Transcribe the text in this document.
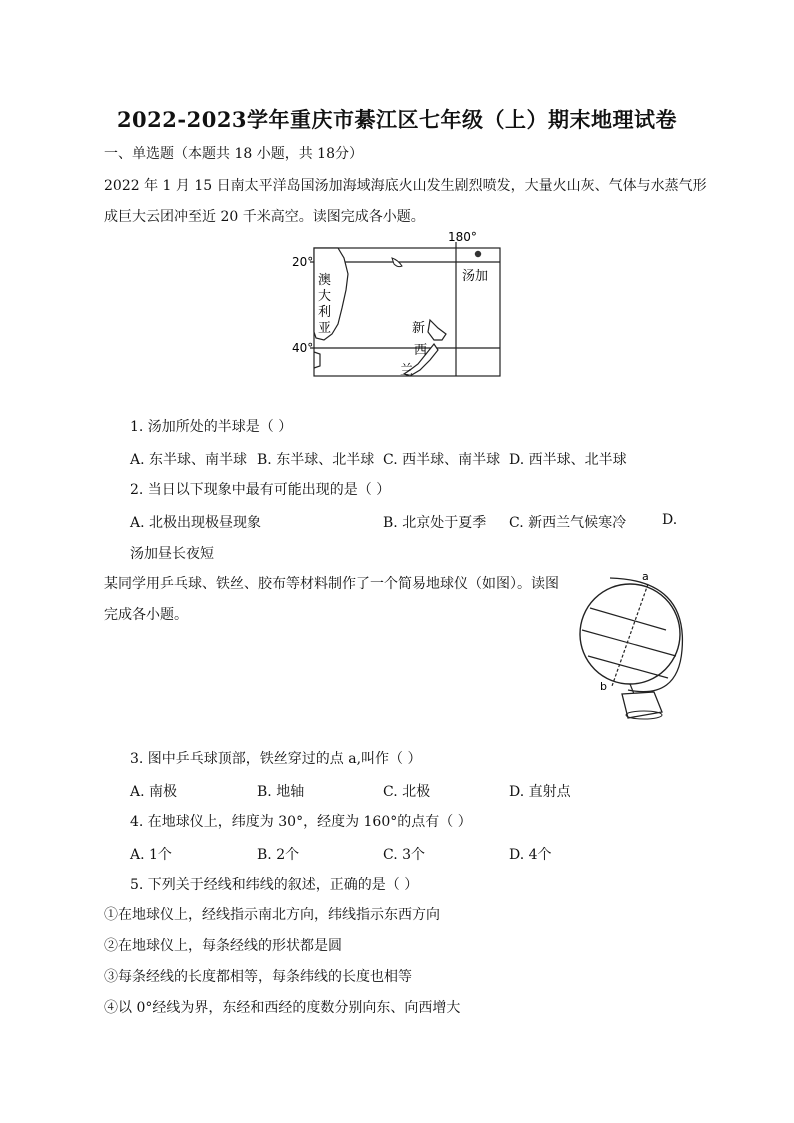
2022-2023学年重庆市綦江区七年级（上）期末地理试卷
一、单选题（本题共 18 小题，共 18分）
2022 年 1 月 15 日南太平洋岛国汤加海域海底火山发生剧烈喷发，大量火山灰、气体与水蒸气形
成巨大云团冲至近 20 千米高空。读图完成各小题。
180°
20°
40°
汤加
澳
大
利
亚	新
西
兰
1. 汤加所处的半球是（ ）
A. 东半球、南半球 B. 东半球、北半球 C. 西半球、南半球 D. 西半球、北半球
2. 当日以下现象中最有可能出现的是（ ）
A. 北极出现极昼现象	B. 北京处于夏季 C. 新西兰气候寒冷	D.
汤加昼长夜短
某同学用乒乓球、铁丝、胶布等材料制作了一个简易地球仪（如图）。读图
完成各小题。
a
b
3. 图中乒乓球顶部，铁丝穿过的点 a,叫作（ ）
A. 南极	B. 地轴	C. 北极	D. 直射点
4. 在地球仪上，纬度为 30°，经度为 160°的点有（ ）
A. 1个	B. 2个	C. 3个	D. 4个
5. 下列关于经线和纬线的叙述，正确的是（ ）
①在地球仪上，经线指示南北方向，纬线指示东西方向
②在地球仪上，每条经线的形状都是圆
③每条经线的长度都相等，每条纬线的长度也相等
④以 0°经线为界，东经和西经的度数分别向东、向西增大
